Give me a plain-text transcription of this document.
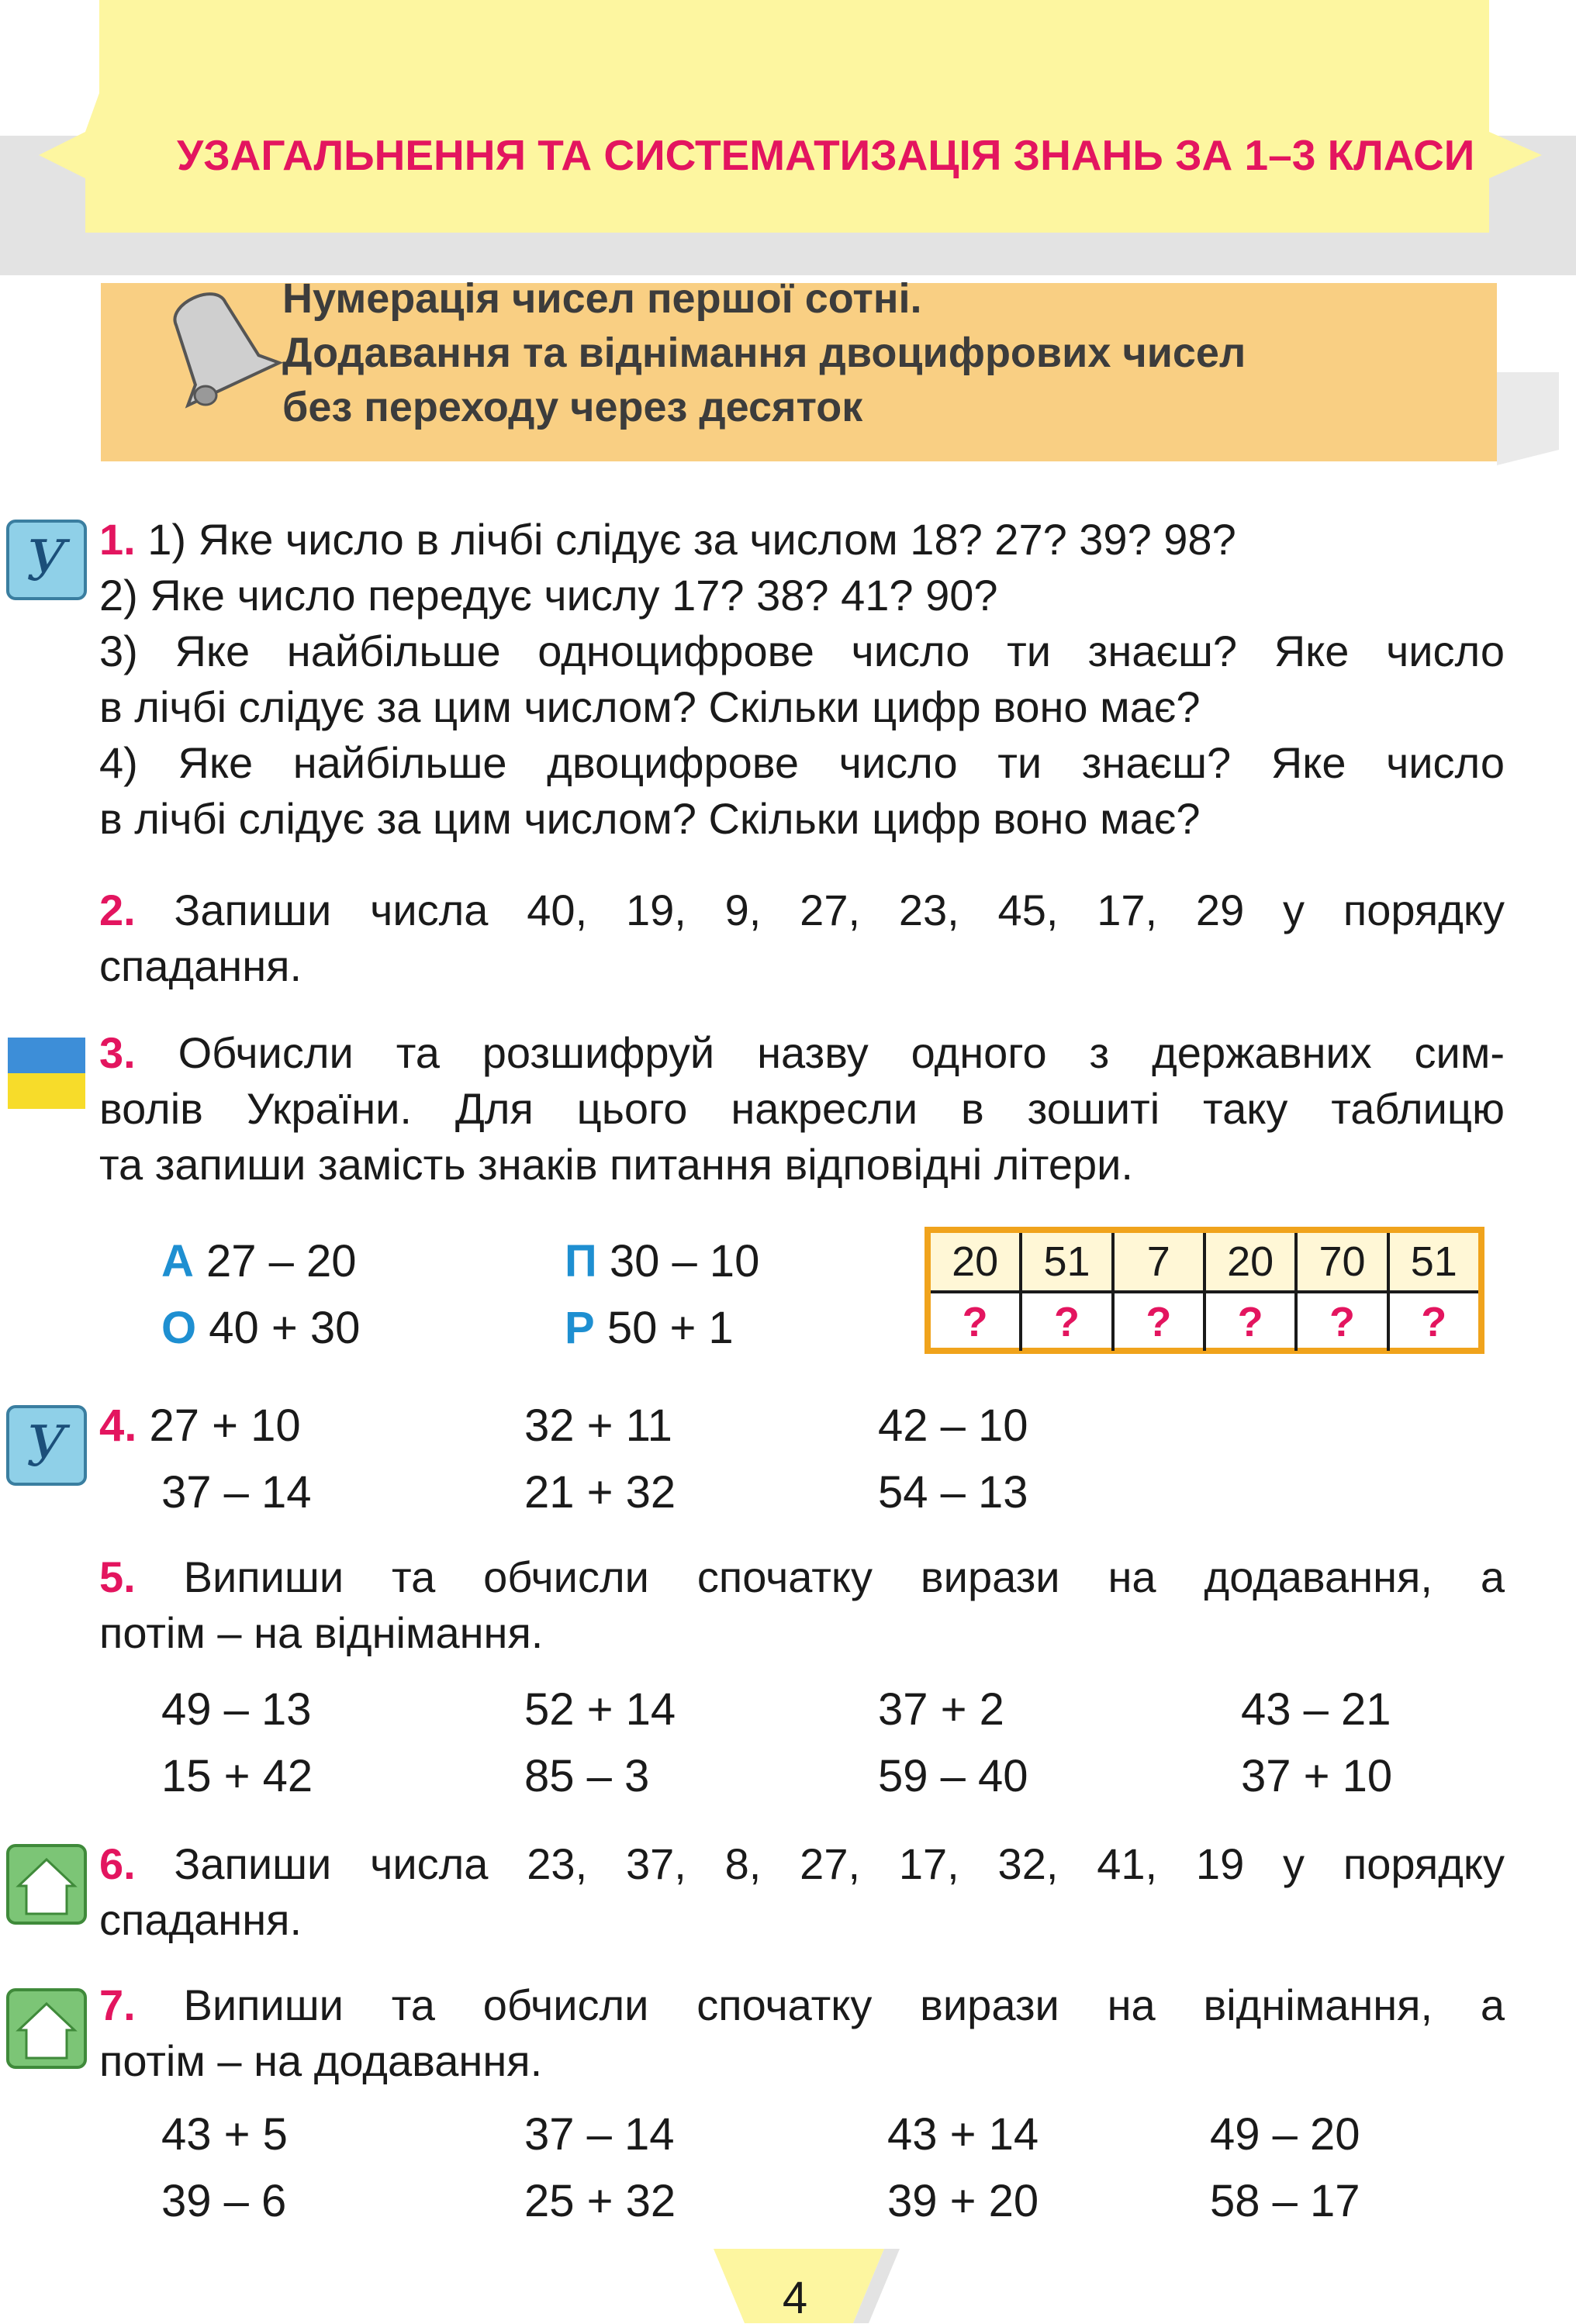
УЗАГАЛЬНЕННЯ ТА СИСТЕМАТИЗАЦІЯ ЗНАНЬ ЗА 1–3 КЛАСИ
Нумерація чисел першої сотні.
Додавання та віднімання двоцифрових чисел
без переходу через десяток
У
У
1. 1) Яке число в лічбі слідує за числом 18? 27? 39? 98?
2) Яке число передує числу 17? 38? 41? 90?
3) Яке найбільше одноцифрове число ти знаєш? Яке число
в лічбі слідує за цим числом? Скільки цифр воно має?
4) Яке найбільше двоцифрове число ти знаєш? Яке число
в лічбі слідує за цим числом? Скільки цифр воно має?
2. Запиши числа 40, 19, 9, 27, 23, 45, 17, 29 у порядку
спадання.
3. Обчисли та розшифруй назву одного з державних сим-
волів України. Для цього накресли в зошиті таку таблицю
та запиши замість знаків питання відповідні літери.
А 27 – 20	П 30 – 10
О 40 + 30	Р 50 + 1
20	51	7	20	70	51
?	?	?	?	?	?
4. 27 + 10	32 + 11	42 – 10
37 – 14	21 + 32	54 – 13
5. Випиши та обчисли спочатку вирази на додавання, а
потім – на віднімання.
49 – 13	52 + 14	37 + 2	43 – 21
15 + 42	85 – 3	59 – 40	37 + 10
6. Запиши числа 23, 37, 8, 27, 17, 32, 41, 19 у порядку
спадання.
7. Випиши та обчисли спочатку вирази на віднімання, а
потім – на додавання.
43 + 5	37 – 14	43 + 14	49 – 20
39 – 6	25 + 32	39 + 20	58 – 17
4
